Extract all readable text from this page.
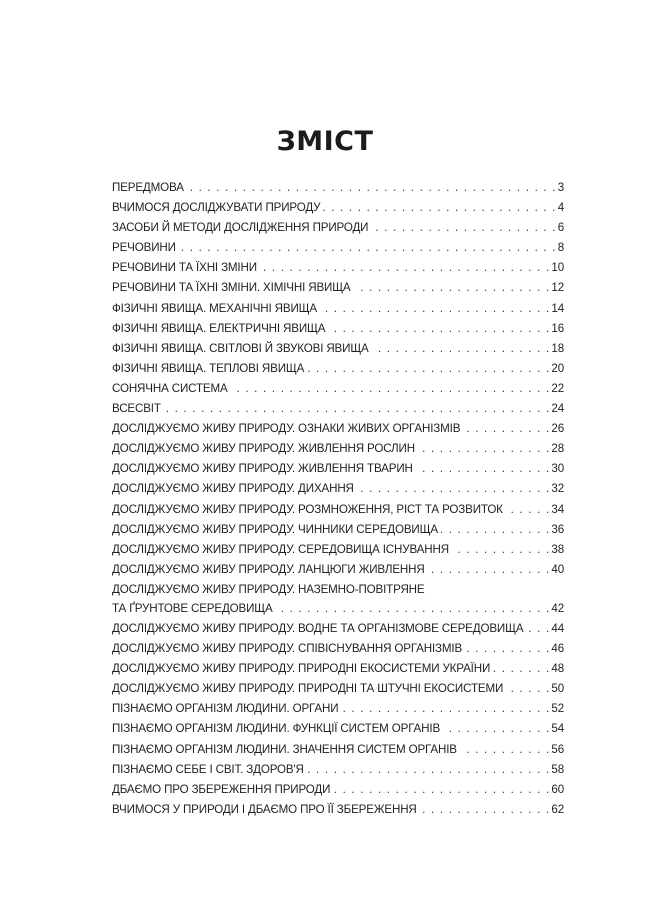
ЗМІСТ
ПЕРЕДМОВА . . .	3
ВЧИМОСЯ ДОСЛІДЖУВАТИ ПРИРОДУ . . .	4
ЗАСОБИ Й МЕТОДИ ДОСЛІДЖЕННЯ ПРИРОДИ . . .	6
РЕЧОВИНИ . . .	8
РЕЧОВИНИ ТА ЇХНІ ЗМІНИ . . .	10
РЕЧОВИНИ ТА ЇХНІ ЗМІНИ. ХІМІЧНІ ЯВИЩА . . .	12
ФІЗИЧНІ ЯВИЩА. МЕХАНІЧНІ ЯВИЩА . . .	14
ФІЗИЧНІ ЯВИЩА. ЕЛЕКТРИЧНІ ЯВИЩА . . .	16
ФІЗИЧНІ ЯВИЩА. СВІТЛОВІ Й ЗВУКОВІ ЯВИЩА . . .	18
ФІЗИЧНІ ЯВИЩА. ТЕПЛОВІ ЯВИЩА . . .	20
СОНЯЧНА СИСТЕМА . . .	22
ВСЕСВІТ . . .	24
ДОСЛІДЖУЄМО ЖИВУ ПРИРОДУ. ОЗНАКИ ЖИВИХ ОРГАНІЗМІВ . . .	26
ДОСЛІДЖУЄМО ЖИВУ ПРИРОДУ. ЖИВЛЕННЯ РОСЛИН . . .	28
ДОСЛІДЖУЄМО ЖИВУ ПРИРОДУ. ЖИВЛЕННЯ ТВАРИН . . .	30
ДОСЛІДЖУЄМО ЖИВУ ПРИРОДУ. ДИХАННЯ . . .	32
ДОСЛІДЖУЄМО ЖИВУ ПРИРОДУ. РОЗМНОЖЕННЯ, РІСТ ТА РОЗВИТОК . . .	34
ДОСЛІДЖУЄМО ЖИВУ ПРИРОДУ. ЧИННИКИ СЕРЕДОВИЩА . . .	36
ДОСЛІДЖУЄМО ЖИВУ ПРИРОДУ. СЕРЕДОВИЩА ІСНУВАННЯ . . .	38
ДОСЛІДЖУЄМО ЖИВУ ПРИРОДУ. ЛАНЦЮГИ ЖИВЛЕННЯ . . .	40
ДОСЛІДЖУЄМО ЖИВУ ПРИРОДУ. НАЗЕМНО-ПОВІТРЯНЕ
ТА ҐРУНТОВЕ СЕРЕДОВИЩА . . .	42
ДОСЛІДЖУЄМО ЖИВУ ПРИРОДУ. ВОДНЕ ТА ОРГАНІЗМОВЕ СЕРЕДОВИЩА . . . 44
ДОСЛІДЖУЄМО ЖИВУ ПРИРОДУ. СПІВІСНУВАННЯ ОРГАНІЗМІВ . . .	46
ДОСЛІДЖУЄМО ЖИВУ ПРИРОДУ. ПРИРОДНІ ЕКОСИСТЕМИ УКРАЇНИ . . .	48
ДОСЛІДЖУЄМО ЖИВУ ПРИРОДУ. ПРИРОДНІ ТА ШТУЧНІ ЕКОСИСТЕМИ . . .	50
ПІЗНАЄМО ОРГАНІЗМ ЛЮДИНИ. ОРГАНИ . . .	52
ПІЗНАЄМО ОРГАНІЗМ ЛЮДИНИ. ФУНКЦІЇ СИСТЕМ ОРГАНІВ . . .	54
ПІЗНАЄМО ОРГАНІЗМ ЛЮДИНИ. ЗНАЧЕННЯ СИСТЕМ ОРГАНІВ . . .	56
ПІЗНАЄМО СЕБЕ І СВІТ. ЗДОРОВ'Я . . .	58
ДБАЄМО ПРО ЗБЕРЕЖЕННЯ ПРИРОДИ . . .	60
ВЧИМОСЯ У ПРИРОДИ І ДБАЄМО ПРО ЇЇ ЗБЕРЕЖЕННЯ . . .	62
